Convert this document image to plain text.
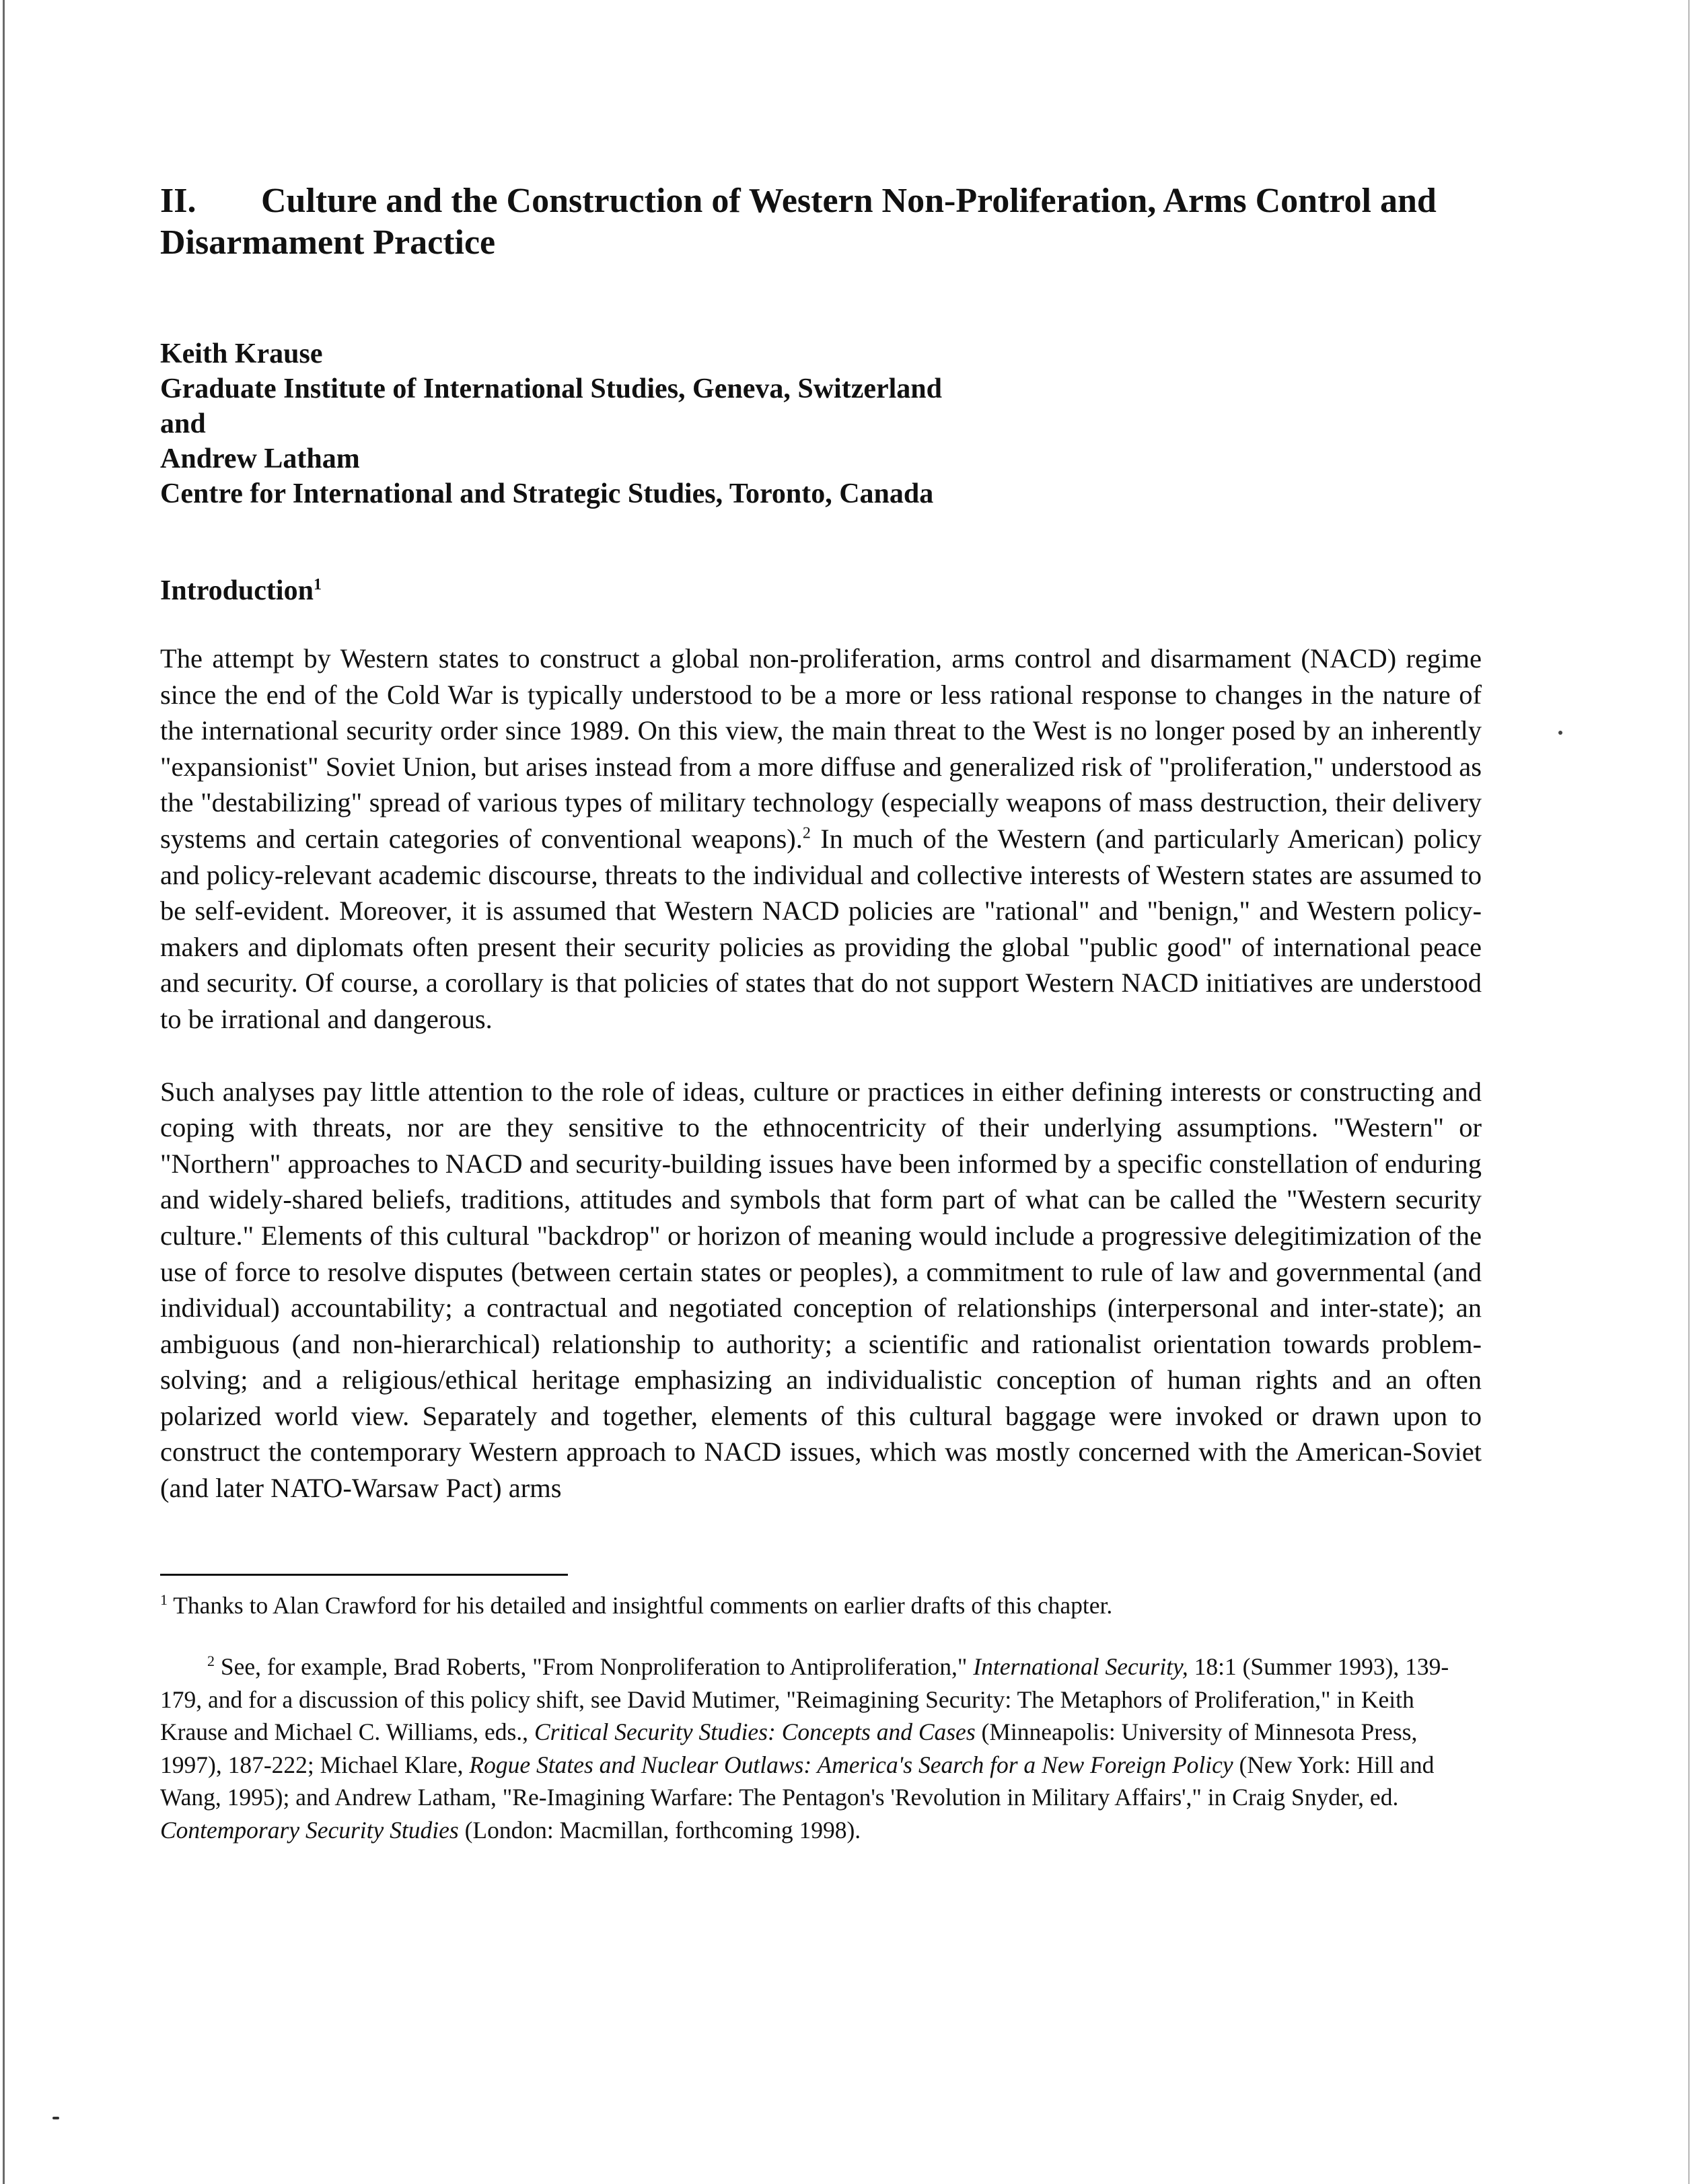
II. Culture and the Construction of Western Non-Proliferation, Arms Control and Disarmament Practice
Keith Krause
Graduate Institute of International Studies, Geneva, Switzerland
and
Andrew Latham
Centre for International and Strategic Studies, Toronto, Canada
Introduction$^1$

The attempt by Western states to construct a global non-proliferation, arms control and disarmament (NACD) regime since the end of the Cold War is typically understood to be a more or less rational response to changes in the nature of the international security order since 1989. On this view, the main threat to the West is no longer posed by an inherently "expansionist" Soviet Union, but arises instead from a more diffuse and generalized risk of "proliferation," understood as the "destabilizing" spread of various types of military technology (especially weapons of mass destruction, their delivery systems and certain categories of conventional weapons).$^2$ In much of the Western (and particularly American) policy and policy-relevant academic discourse, threats to the individual and collective interests of Western states are assumed to be self-evident. Moreover, it is assumed that Western NACD policies are "rational" and "benign," and Western policy-makers and diplomats often present their security policies as providing the global "public good" of international peace and security. Of course, a corollary is that policies of states that do not support Western NACD initiatives are understood to be irrational and dangerous.

Such analyses pay little attention to the role of ideas, culture or practices in either defining interests or constructing and coping with threats, nor are they sensitive to the ethnocentricity of their underlying assumptions. "Western" or "Northern" approaches to NACD and security-building issues have been informed by a specific constellation of enduring and widely-shared beliefs, traditions, attitudes and symbols that form part of what can be called the "Western security culture." Elements of this cultural "backdrop" or horizon of meaning would include a progressive delegitimization of the use of force to resolve disputes (between certain states or peoples), a commitment to rule of law and governmental (and individual) accountability; a contractual and negotiated conception of relationships (interpersonal and inter-state); an ambiguous (and non-hierarchical) relationship to authority; a scientific and rationalist orientation towards problem-solving; and a religious/ethical heritage emphasizing an individualistic conception of human rights and an often polarized world view. Separately and together, elements of this cultural baggage were invoked or drawn upon to construct the contemporary Western approach to NACD issues, which was mostly concerned with the American-Soviet (and later NATO-Warsaw Pact) arms

$^1$ Thanks to Alan Crawford for his detailed and insightful comments on earlier drafts of this chapter.

$^2$ See, for example, Brad Roberts, "From Nonproliferation to Antiproliferation," International Security, 18:1 (Summer 1993), 139-179, and for a discussion of this policy shift, see David Mutimer, "Reimagining Security: The Metaphors of Proliferation," in Keith Krause and Michael C. Williams, eds., Critical Security Studies: Concepts and Cases (Minneapolis: University of Minnesota Press, 1997), 187-222; Michael Klare, Rogue States and Nuclear Outlaws: America's Search for a New Foreign Policy (New York: Hill and Wang, 1995); and Andrew Latham, "Re-Imagining Warfare: The Pentagon's 'Revolution in Military Affairs'," in Craig Snyder, ed. Contemporary Security Studies (London: Macmillan, forthcoming 1998).
